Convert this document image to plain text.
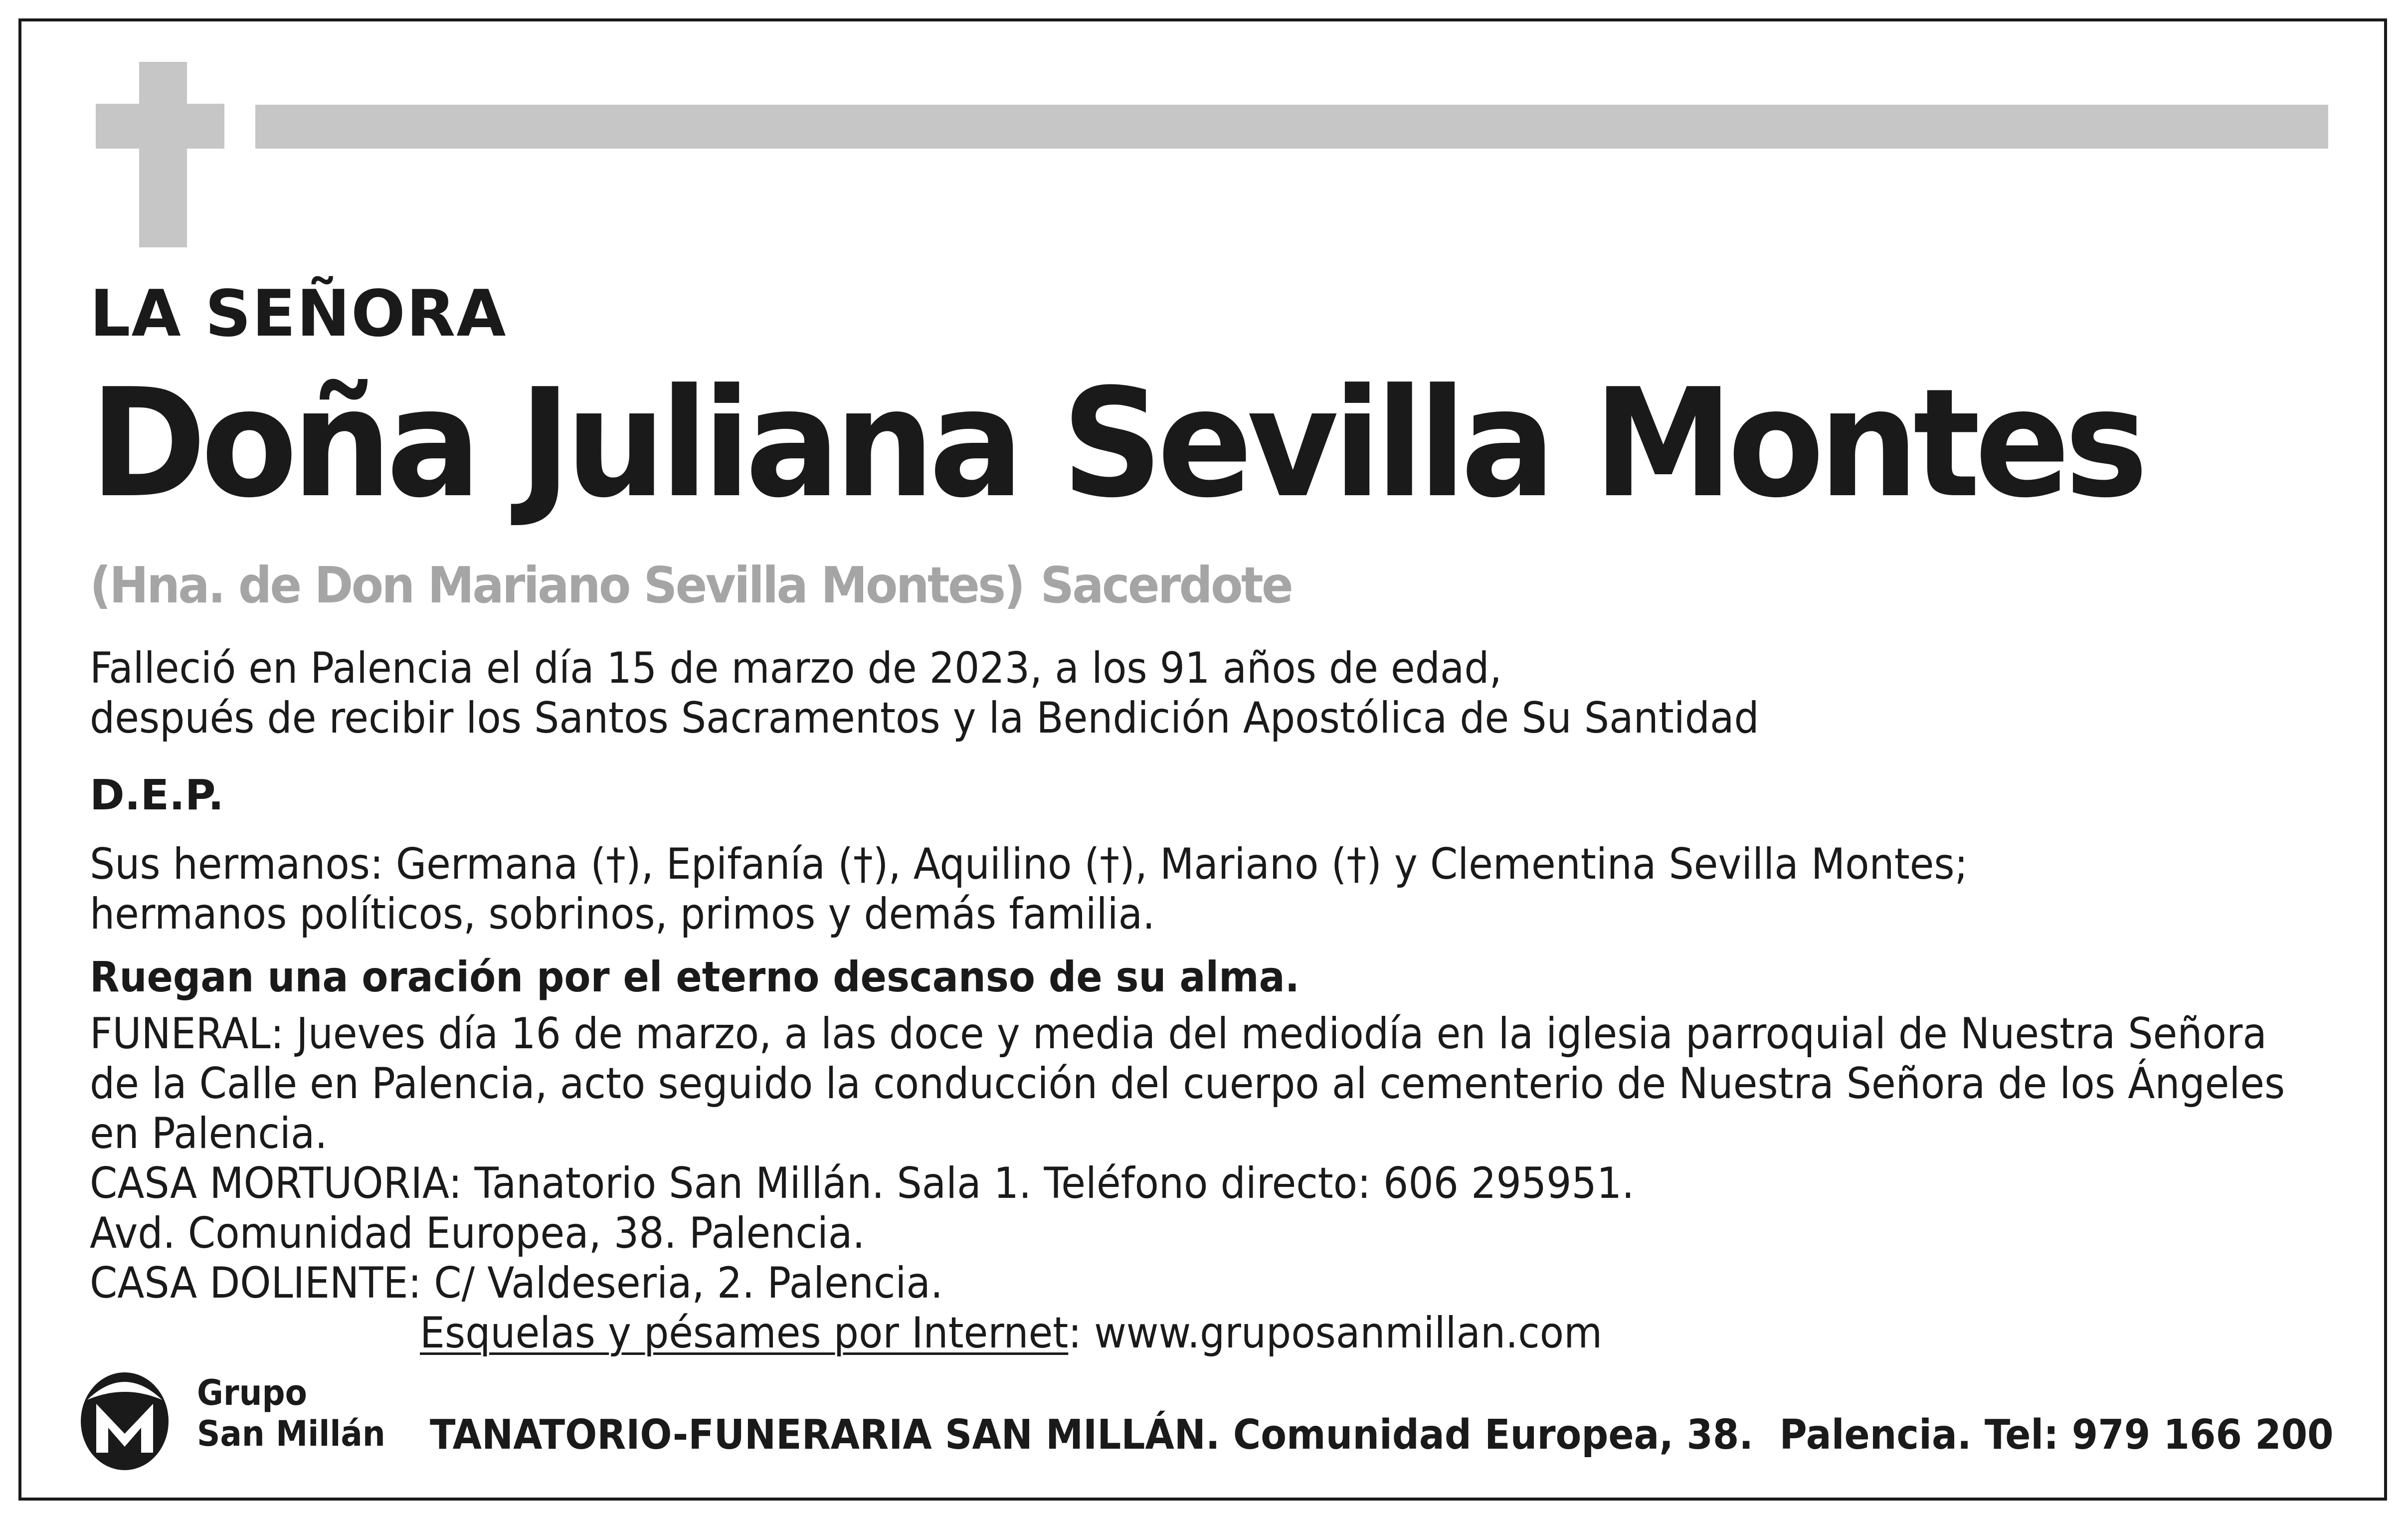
LA SEÑORA
Doña Juliana Sevilla Montes
(Hna. de Don Mariano Sevilla Montes) Sacerdote
Falleció en Palencia el día 15 de marzo de 2023, a los 91 años de edad,
después de recibir los Santos Sacramentos y la Bendición Apostólica de Su Santidad
D.E.P.
Sus hermanos: Germana (†), Epifanía (†), Aquilino (†), Mariano (†) y Clementina Sevilla Montes;
hermanos políticos, sobrinos, primos y demás familia.
Ruegan una oración por el eterno descanso de su alma.
FUNERAL: Jueves día 16 de marzo, a las doce y media del mediodía en la iglesia parroquial de Nuestra Señora
de la Calle en Palencia, acto seguido la conducción del cuerpo al cementerio de Nuestra Señora de los Ángeles
en Palencia.
CASA MORTUORIA: Tanatorio San Millán. Sala 1. Teléfono directo: 606 295951.
Avd. Comunidad Europea, 38. Palencia.
CASA DOLIENTE: C/ Valdeseria, 2. Palencia.
Esquelas y pésames por Internet: www.gruposanmillan.com
Grupo
San Millán TANATORIO-FUNERARIA SAN MILLÁN. Comunidad Europea, 38.  Palencia. Tel: 979 166 200
